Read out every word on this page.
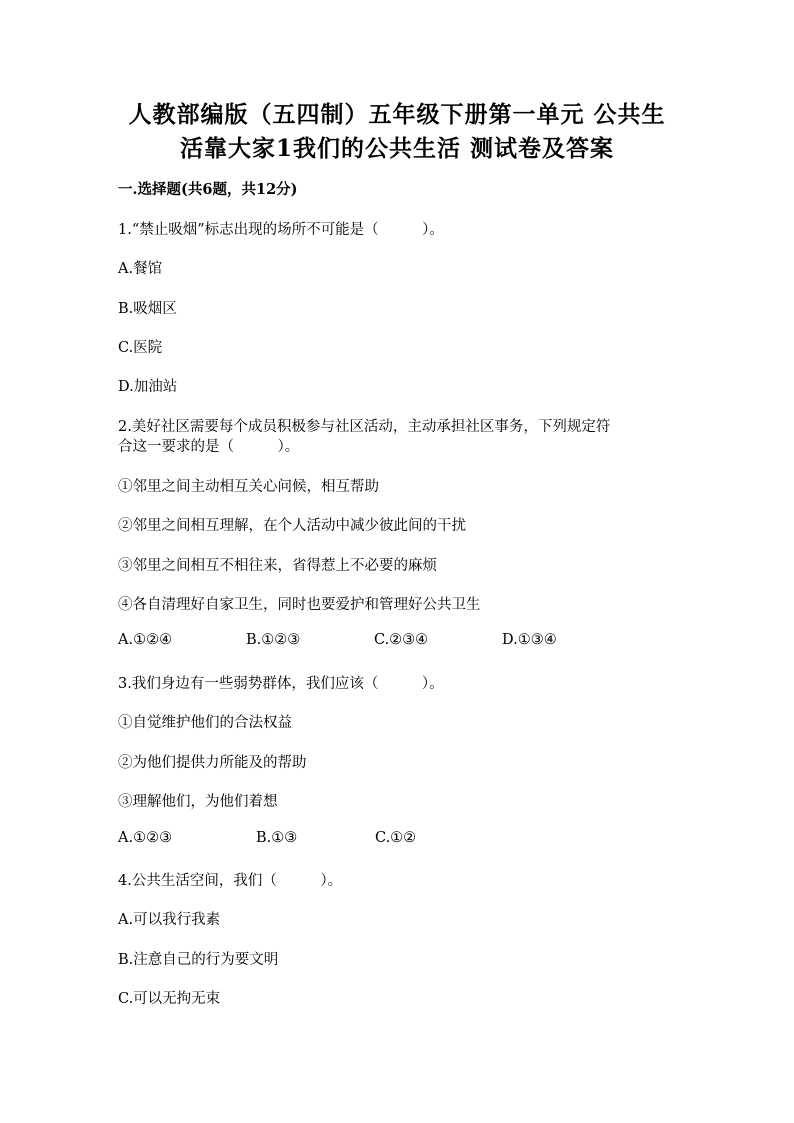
人教部编版（五四制）五年级下册第一单元 公共生
活靠大家1我们的公共生活 测试卷及答案
一.选择题(共6题，共12分)
1.“禁止吸烟”标志出现的场所不可能是（　　　）。
A.餐馆
B.吸烟区
C.医院
D.加油站
2.美好社区需要每个成员积极参与社区活动，主动承担社区事务，下列规定符
合这一要求的是（　　　）。
①邻里之间主动相互关心问候，相互帮助
②邻里之间相互理解，在个人活动中减少彼此间的干扰
③邻里之间相互不相往来，省得惹上不必要的麻烦
④各自清理好自家卫生，同时也要爱护和管理好公共卫生
A.①②④	B.①②③	C.②③④	D.①③④
3.我们身边有一些弱势群体，我们应该（　　　）。
①自觉维护他们的合法权益
②为他们提供力所能及的帮助
③理解他们，为他们着想
A.①②③	B.①③	C.①②
4.公共生活空间，我们（　　　）。
A.可以我行我素
B.注意自己的行为要文明
C.可以无拘无束
